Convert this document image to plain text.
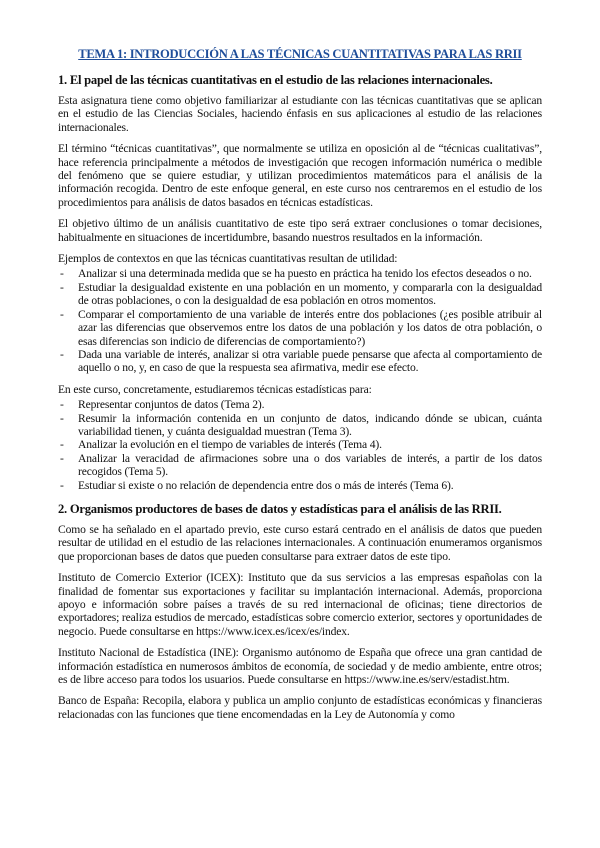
TEMA 1: INTRODUCCIÓN A LAS TÉCNICAS CUANTITATIVAS PARA LAS RRII
1. El papel de las técnicas cuantitativas en el estudio de las relaciones internacionales.

Esta asignatura tiene como objetivo familiarizar al estudiante con las técnicas cuantitativas que se aplican en el estudio de las Ciencias Sociales, haciendo énfasis en sus aplicaciones al estudio de las relaciones internacionales.

El término “técnicas cuantitativas”, que normalmente se utiliza en oposición al de “técnicas cualitativas”, hace referencia principalmente a métodos de investigación que recogen información numérica o medible del fenómeno que se quiere estudiar, y utilizan procedimientos matemáticos para el análisis de la información recogida. Dentro de este enfoque general, en este curso nos centraremos en el estudio de los procedimientos para análisis de datos basados en técnicas estadísticas.

El objetivo último de un análisis cuantitativo de este tipo será extraer conclusiones o tomar decisiones, habitualmente en situaciones de incertidumbre, basando nuestros resultados en la información.

Ejemplos de contextos en que las técnicas cuantitativas resultan de utilidad:

- Analizar si una determinada medida que se ha puesto en práctica ha tenido los efectos deseados o no.
- Estudiar la desigualdad existente en una población en un momento, y compararla con la desigualdad de otras poblaciones, o con la desigualdad de esa población en otros momentos.
- Comparar el comportamiento de una variable de interés entre dos poblaciones (¿es posible atribuir al azar las diferencias que observemos entre los datos de una población y los datos de otra población, o esas diferencias son indicio de diferencias de comportamiento?)
- Dada una variable de interés, analizar si otra variable puede pensarse que afecta al comportamiento de aquello o no, y, en caso de que la respuesta sea afirmativa, medir ese efecto.

En este curso, concretamente, estudiaremos técnicas estadísticas para:

- Representar conjuntos de datos (Tema 2).
- Resumir la información contenida en un conjunto de datos, indicando dónde se ubican, cuánta variabilidad tienen, y cuánta desigualdad muestran (Tema 3).
- Analizar la evolución en el tiempo de variables de interés (Tema 4).
- Analizar la veracidad de afirmaciones sobre una o dos variables de interés, a partir de los datos recogidos (Tema 5).
- Estudiar si existe o no relación de dependencia entre dos o más de interés (Tema 6).
2. Organismos productores de bases de datos y estadísticas para el análisis de las RRII.

Como se ha señalado en el apartado previo, este curso estará centrado en el análisis de datos que pueden resultar de utilidad en el estudio de las relaciones internacionales. A continuación enumeramos organismos que proporcionan bases de datos que pueden consultarse para extraer datos de este tipo.

Instituto de Comercio Exterior (ICEX): Instituto que da sus servicios a las empresas españolas con la finalidad de fomentar sus exportaciones y facilitar su implantación internacional. Además, proporciona apoyo e información sobre países a través de su red internacional de oficinas; tiene directorios de exportadores; realiza estudios de mercado, estadísticas sobre comercio exterior, sectores y oportunidades de negocio. Puede consultarse en https://www.icex.es/icex/es/index.

Instituto Nacional de Estadística (INE): Organismo autónomo de España que ofrece una gran cantidad de información estadística en numerosos ámbitos de economía, de sociedad y de medio ambiente, entre otros; es de libre acceso para todos los usuarios. Puede consultarse en https://www.ine.es/serv/estadist.htm.

Banco de España: Recopila, elabora y publica un amplio conjunto de estadísticas económicas y financieras relacionadas con las funciones que tiene encomendadas en la Ley de Autonomía y como
